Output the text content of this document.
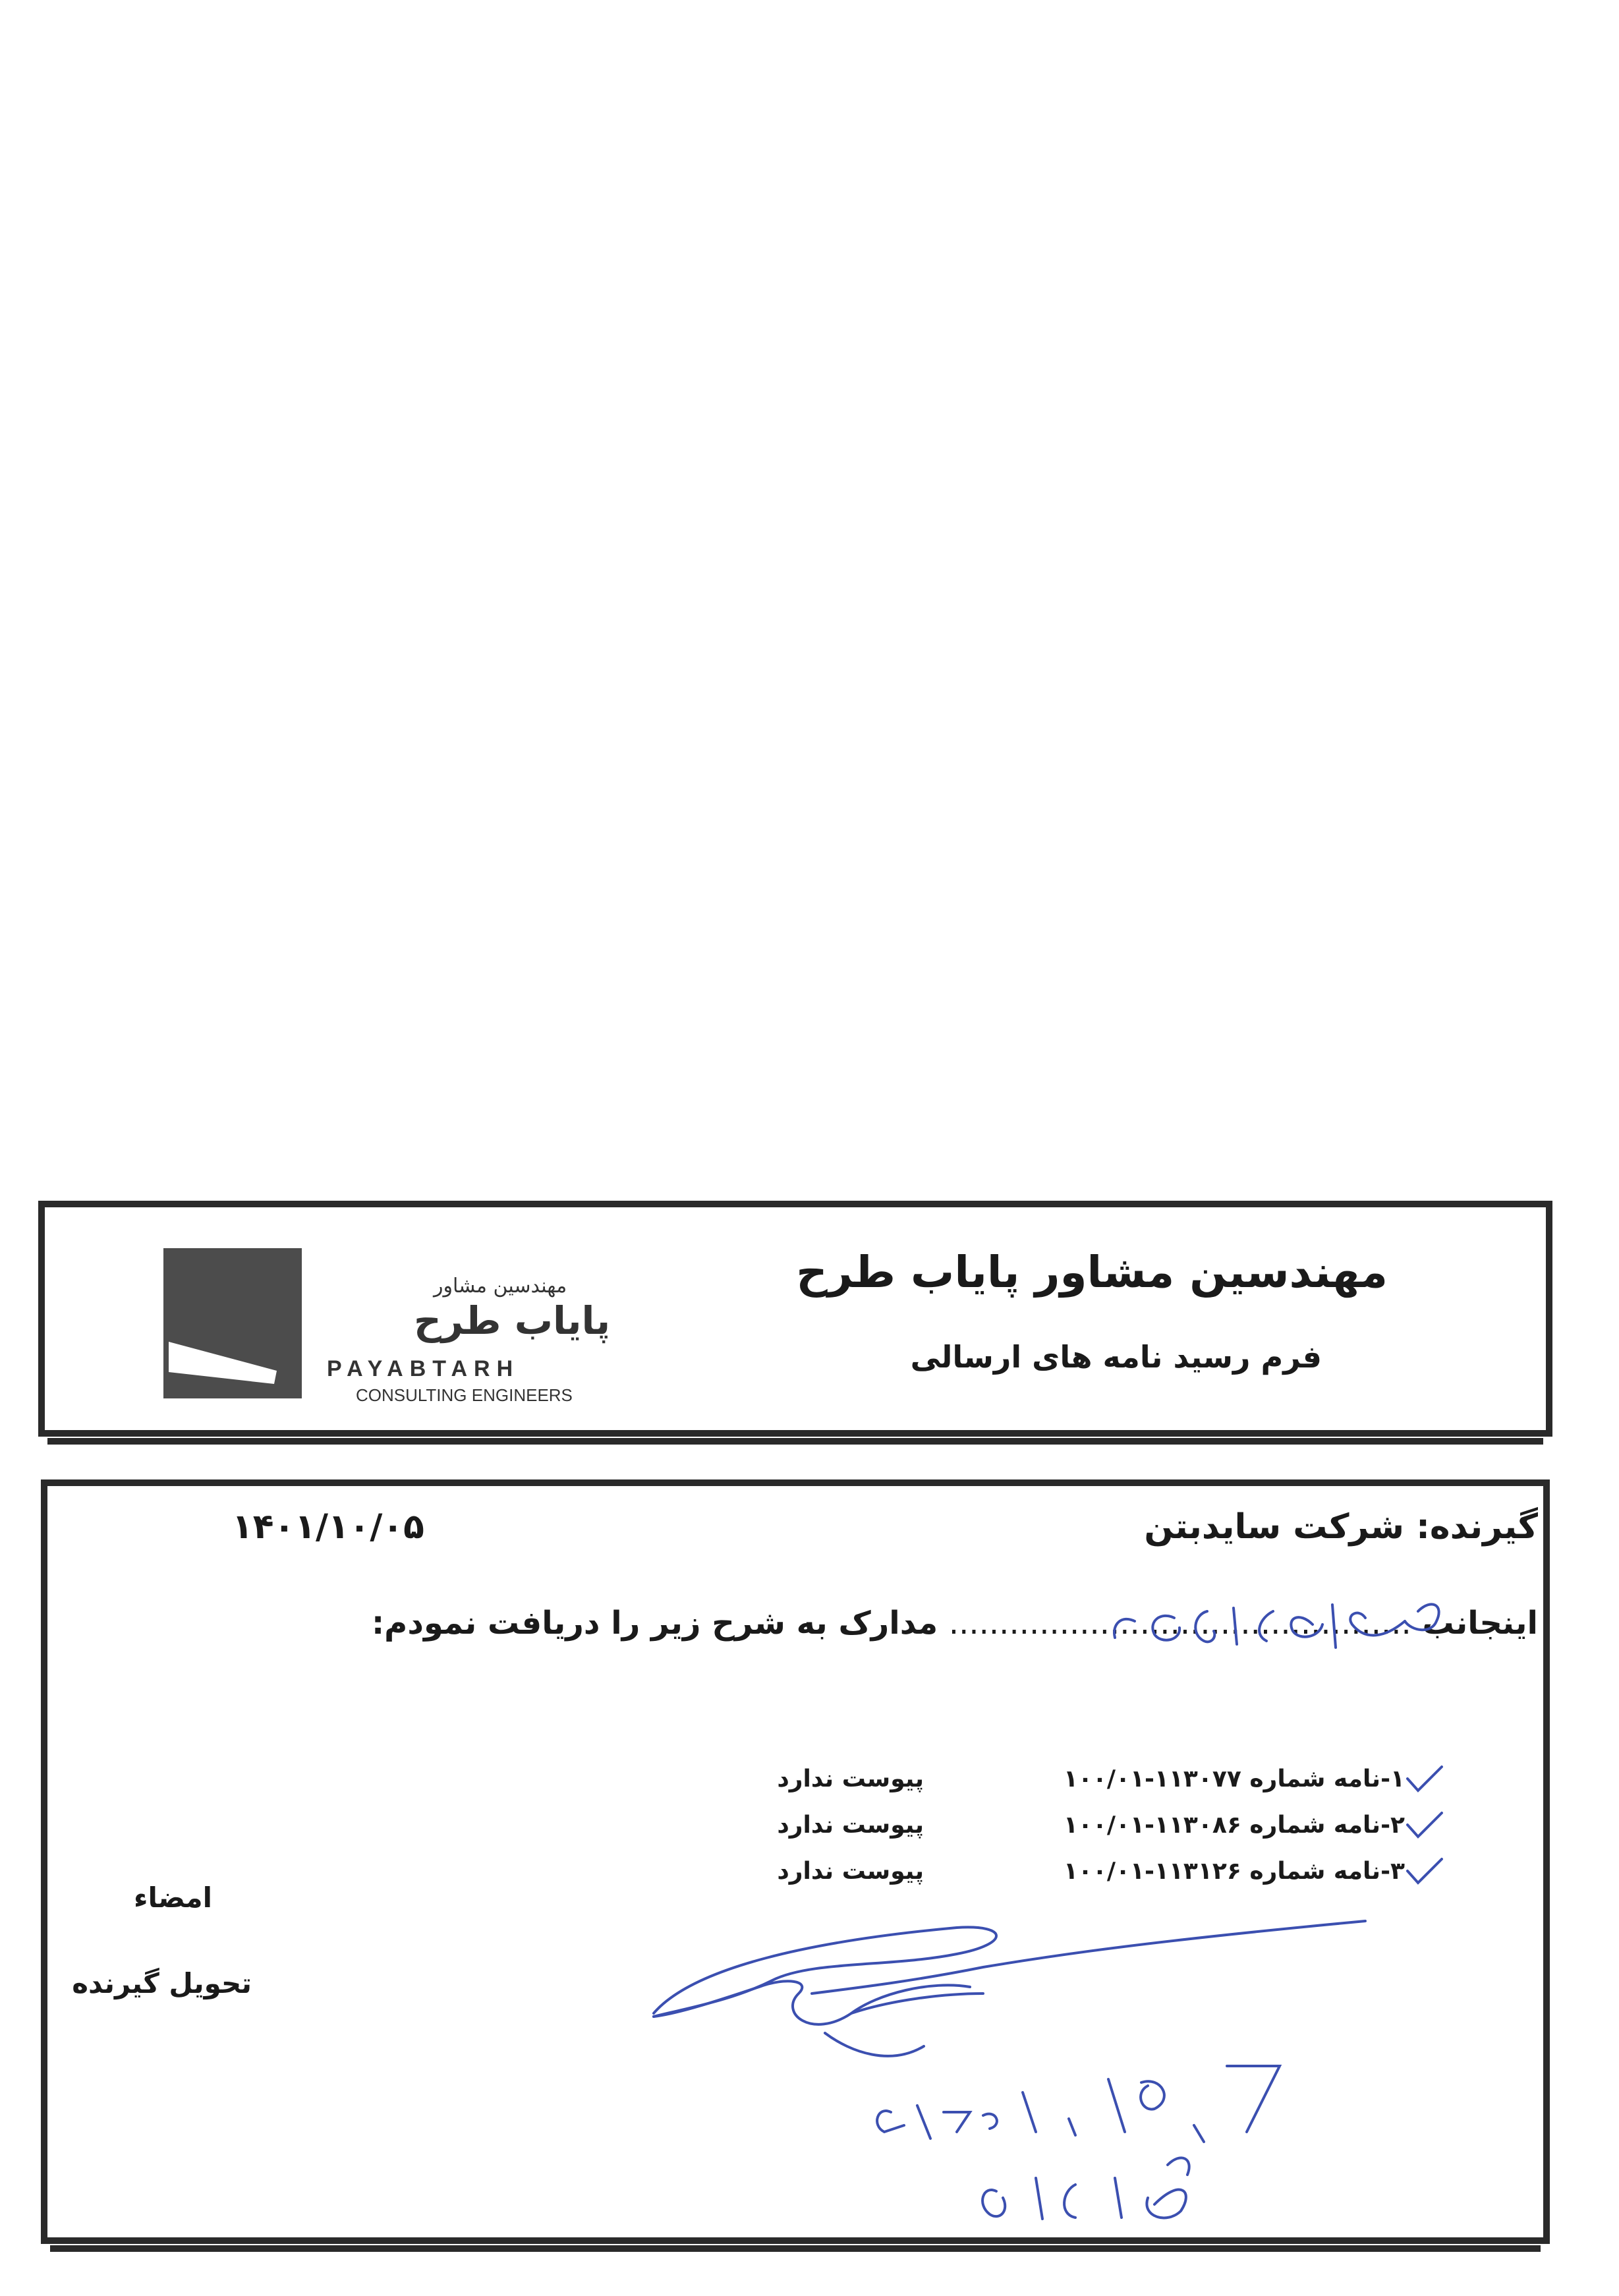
مهندسین مشاور پایاب طرح
فرم رسید نامه های ارسالی
مهندسین مشاور
پایاب طرح
PAYABTARH
CONSULTING ENGINEERS
گیرنده: شرکت سایدبتن
۱۴۰۱/۱۰/۰۵
اینجانب .............................................. مدارک به شرح زیر را دریافت نمودم:
۱-نامه شماره ۱۱۳۰۷۷-۱۰۰/۰۱
پیوست ندارد
۲-نامه شماره ۱۱۳۰۸۶-۱۰۰/۰۱
پیوست ندارد
۳-نامه شماره ۱۱۳۱۲۶-۱۰۰/۰۱
پیوست ندارد
امضاء
تحویل گیرنده
